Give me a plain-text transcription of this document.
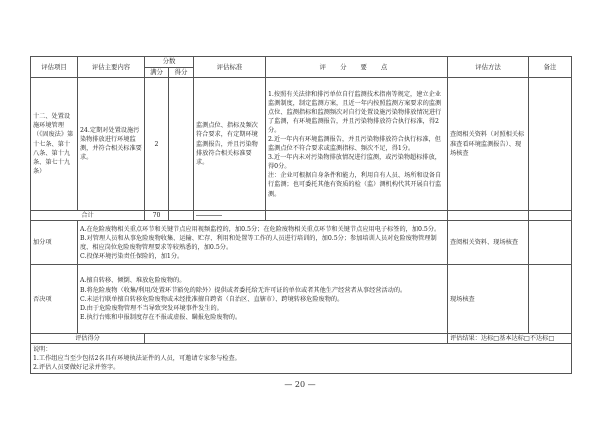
评估项目	评估主要内容	分数		评估标准	评 分 要 点	评估方法	备注
		满分	得分				
十二、处置设施环境管理（《固废法》第十七条、第十八条、第十九条、第七十九条）	24.定期对处置设施污染物排放进行环境监测，并符合相关标准要求。	2		监测点位、指标及频次符合要求，有定期环境监测报告，并且污染物排放符合相关标准要求。	1.按照有关法律和排污单位自行监测技术指南等规定，建立企业监测制度，制定监测方案，且近一年内按照监测方案要求的监测点位、监测指标和监测频次对自行处置设施污染物排放情况进行了监测，有环境监测报告，并且污染物排放符合执行标准，得2分。
2.近一年内有环境监测报告，并且污染物排放符合执行标准，但监测点位不符合要求或监测指标、频次不足，得1分。
3.近一年内未对污染物排放情况进行监测，或污染物超标排放，得0分。
注：企业可根据自身条件和能力，利用自有人员、场所和设备自行监测；也可委托其他有资质的检（监）测机构代其开展自行监测。	查阅相关资料（对照相关标准查看环境监测报告）、现场核查	
合计		70					
加分项	A.在危险废物相关重点环节和关键节点应用视频监控的，加0.5分；在危险废物相关重点环节和关键节点应用电子标签的，加0.5分。
B.对管理人员和从事危险废物收集、运输、贮存、利用和处置等工作的人员进行培训的，加0.5分；参加培训人员对危险废物管理制度、相应岗位危险废物管理要求等较熟悉的，加0.5分。
C.投保环境污染责任保险的，加1分。					查阅相关资料、现场核查	
否决项	A.擅自转移、倾倒、堆放危险废物的。
B.将危险废物（收集/利用/处置环节豁免的除外）提供或者委托给无许可证的单位或者其他生产经营者从事经营活动的。
C.未运行联单擅自转移危险废物或未经批准擅自跨省（自治区、直辖市）、跨境转移危险废物的。
D.由于危险废物管理不当导致突发环境事件发生的。
E.执行台账和申报制度存在不报或虚报、瞒报危险废物的。					现场核查	
评估得分						评估结果：达标□基本达标□不达标□	

说明：
1.工作组应当至少包括2名具有环境执法证件的人员，可邀请专家参与检查。
2.评估人员要做好记录并签字。							
— 20 —
